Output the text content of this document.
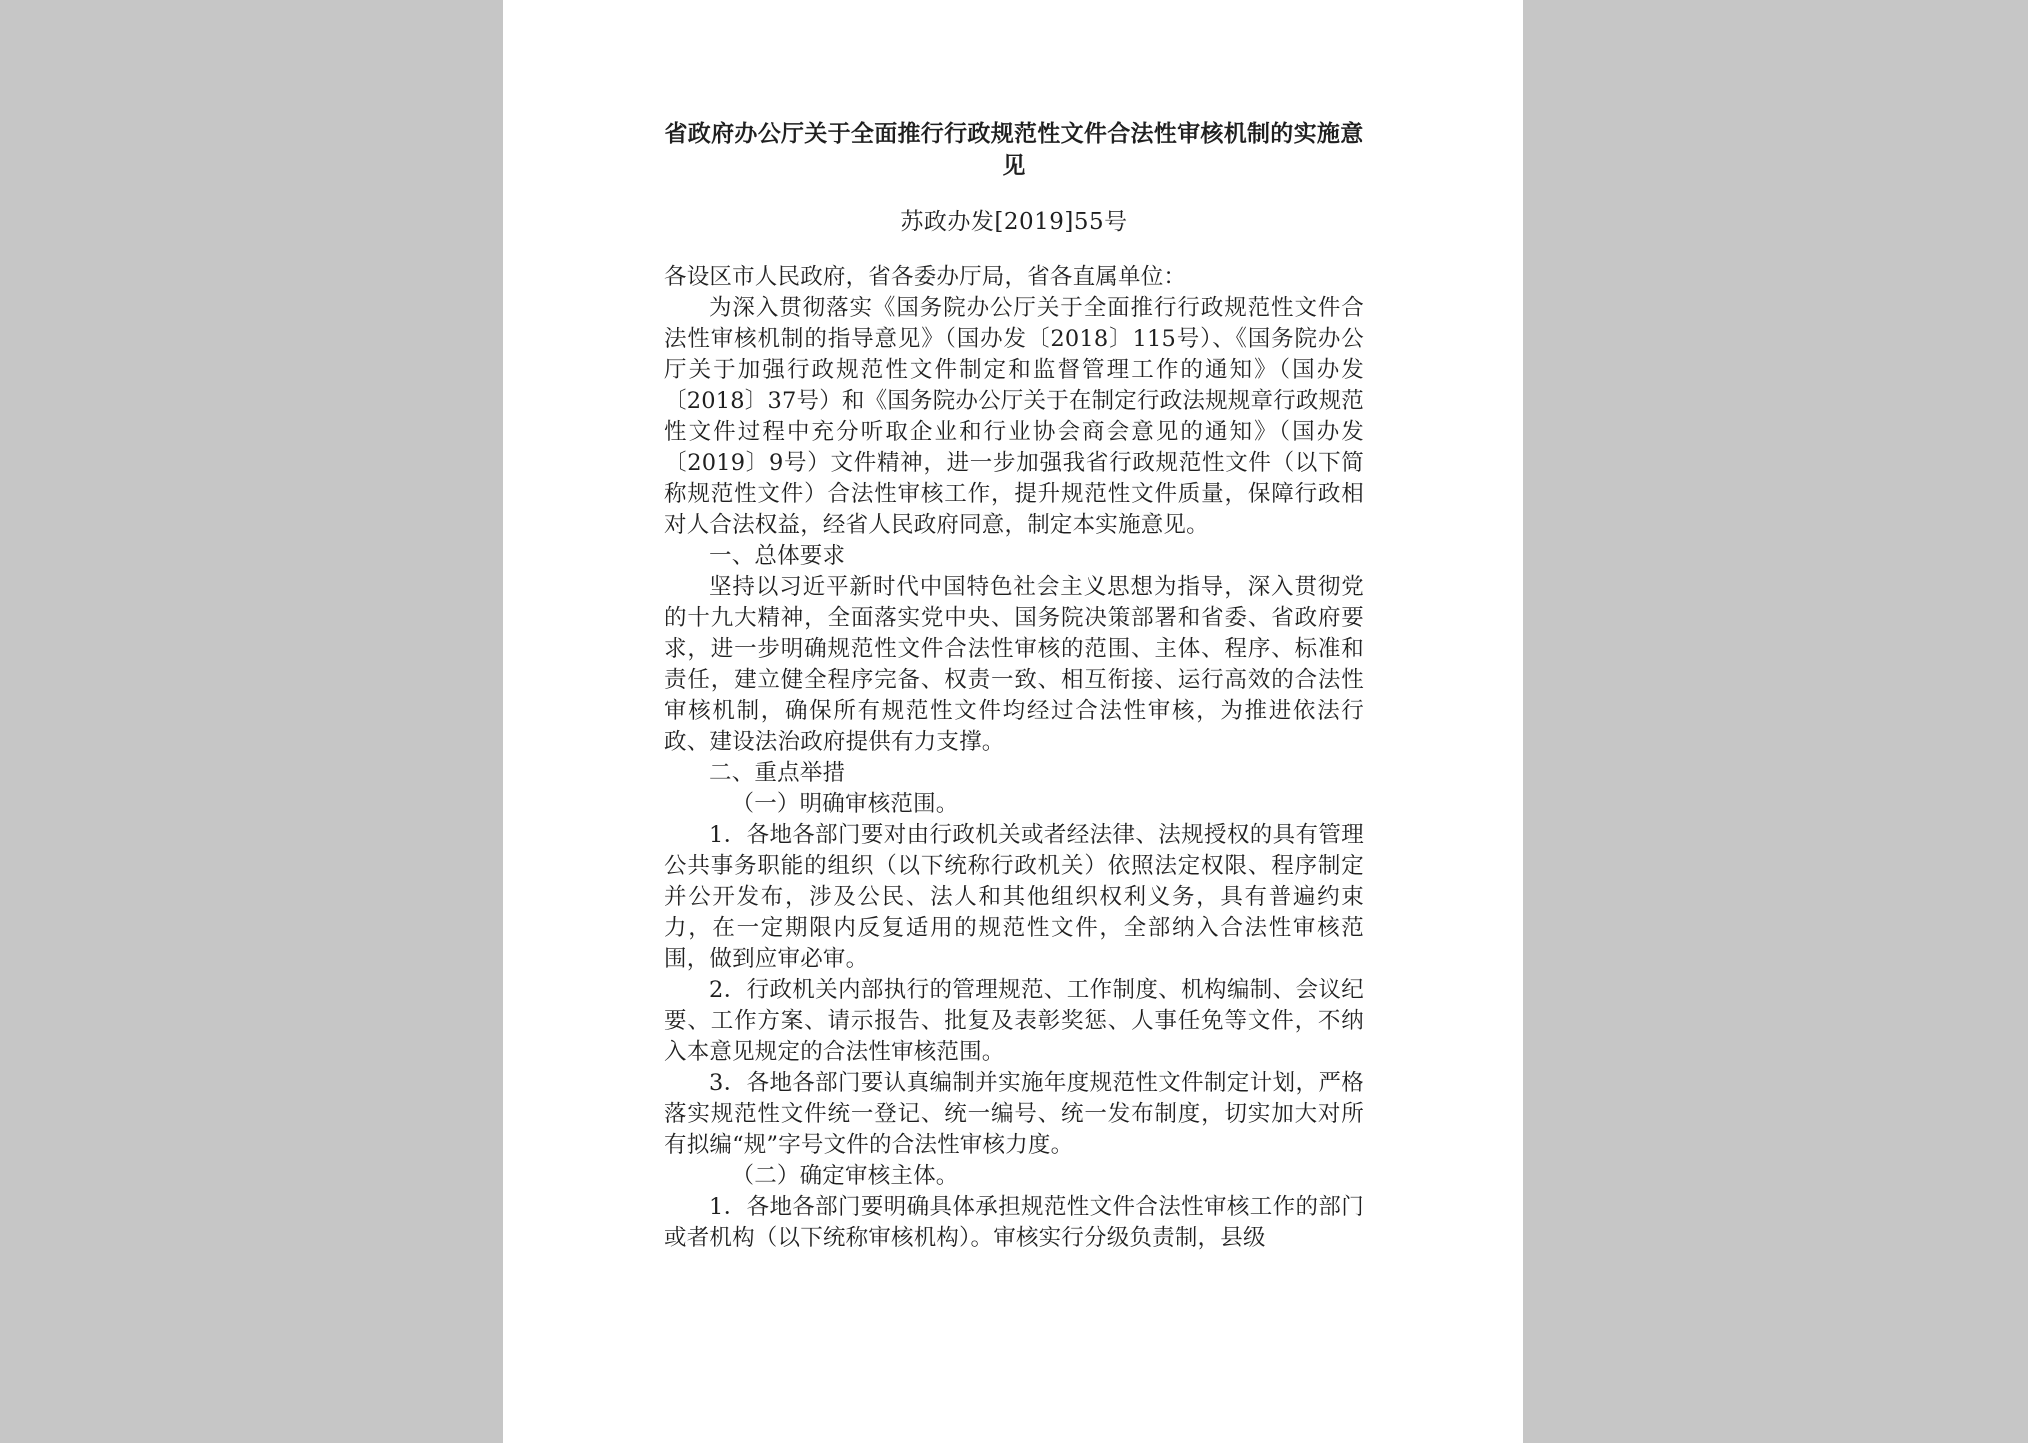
省政府办公厅关于全面推行行政规范性文件合法性审核机制的实施意见

苏政办发[2019]55号

各设区市人民政府，省各委办厅局，省各直属单位：

为深入贯彻落实《国务院办公厅关于全面推行行政规范性文件合法性审核机制的指导意见》（国办发〔2018〕115号）、《国务院办公厅关于加强行政规范性文件制定和监督管理工作的通知》（国办发〔2018〕37号）和《国务院办公厅关于在制定行政法规规章行政规范性文件过程中充分听取企业和行业协会商会意见的通知》（国办发〔2019〕9号）文件精神，进一步加强我省行政规范性文件（以下简称规范性文件）合法性审核工作，提升规范性文件质量，保障行政相对人合法权益，经省人民政府同意，制定本实施意见。

一、总体要求

坚持以习近平新时代中国特色社会主义思想为指导，深入贯彻党的十九大精神，全面落实党中央、国务院决策部署和省委、省政府要求，进一步明确规范性文件合法性审核的范围、主体、程序、标准和责任，建立健全程序完备、权责一致、相互衔接、运行高效的合法性审核机制，确保所有规范性文件均经过合法性审核，为推进依法行政、建设法治政府提供有力支撑。

二、重点举措

（一）明确审核范围。

1．各地各部门要对由行政机关或者经法律、法规授权的具有管理公共事务职能的组织（以下统称行政机关）依照法定权限、程序制定并公开发布，涉及公民、法人和其他组织权利义务，具有普遍约束力，在一定期限内反复适用的规范性文件，全部纳入合法性审核范围，做到应审必审。

2．行政机关内部执行的管理规范、工作制度、机构编制、会议纪要、工作方案、请示报告、批复及表彰奖惩、人事任免等文件，不纳入本意见规定的合法性审核范围。

3．各地各部门要认真编制并实施年度规范性文件制定计划，严格落实规范性文件统一登记、统一编号、统一发布制度，切实加大对所有拟编“规”字号文件的合法性审核力度。

（二）确定审核主体。

1．各地各部门要明确具体承担规范性文件合法性审核工作的部门或者机构（以下统称审核机构）。审核实行分级负责制，县级
